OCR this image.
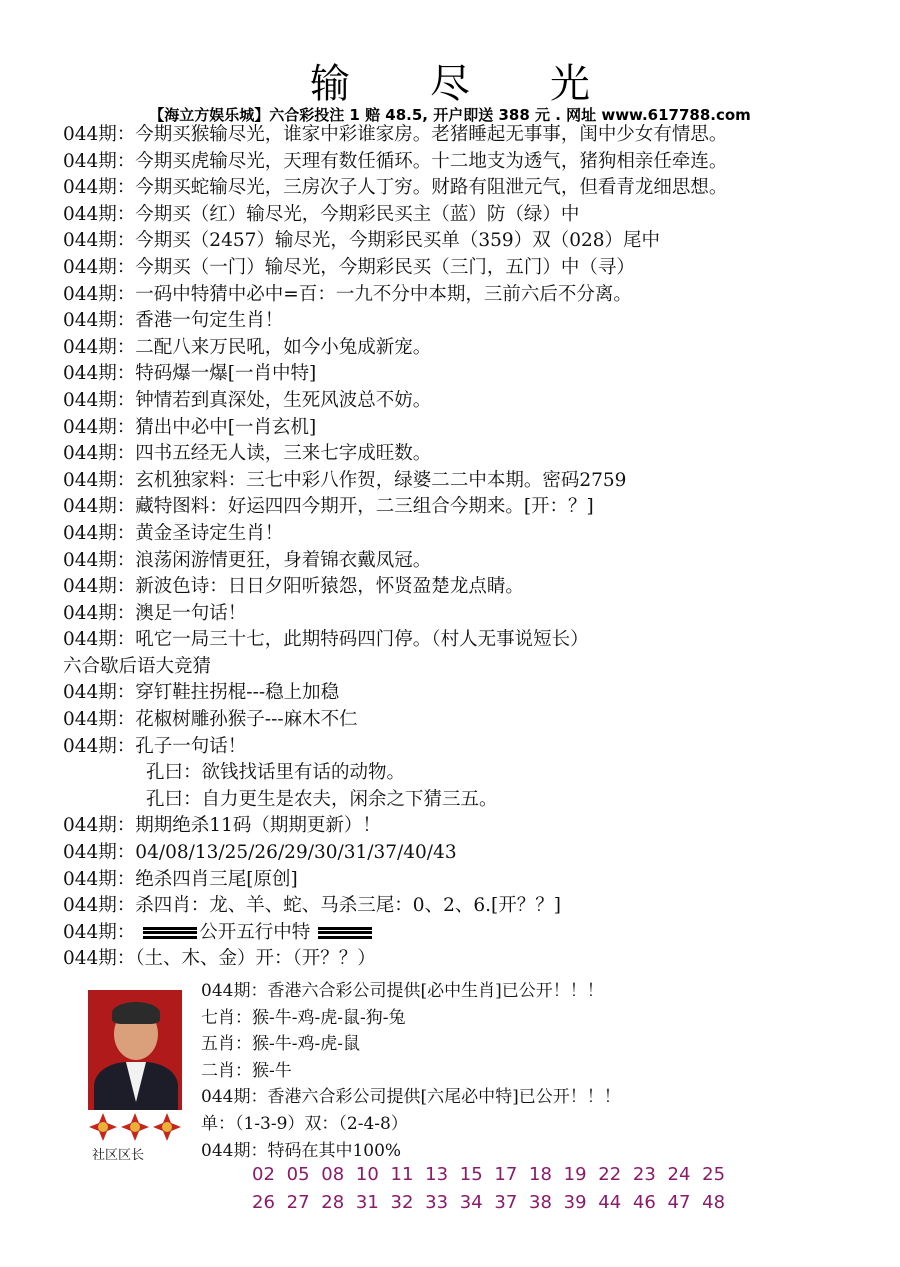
输尽光
【海立方娱乐城】六合彩投注 1 赔 48.5, 开户即送 388 元 . 网址 www.617788.com
044期：今期买猴输尽光，谁家中彩谁家房。老猪睡起无事事，闺中少女有情思。
044期：今期买虎输尽光，天理有数任循环。十二地支为透气，猪狗相亲任牵连。
044期：今期买蛇输尽光，三房次子人丁穷。财路有阻泄元气，但看青龙细思想。
044期：今期买（红）输尽光，今期彩民买主（蓝）防（绿）中
044期：今期买（2457）输尽光，今期彩民买单（359）双（028）尾中
044期：今期买（一门）输尽光，今期彩民买（三门，五门）中（寻）
044期：一码中特猜中必中=百：一九不分中本期，三前六后不分离。
044期：香港一句定生肖！
044期：二配八来万民吼，如今小兔成新宠。
044期：特码爆一爆[一肖中特]
044期：钟情若到真深处，生死风波总不妨。
044期：猜出中必中[一肖玄机]
044期：四书五经无人读，三来七字成旺数。
044期：玄机独家料：三七中彩八作贺，绿婆二二中本期。密码2759
044期：藏特图料：好运四四今期开，二三组合今期来。[开：？]
044期：黄金圣诗定生肖！
044期：浪荡闲游情更狂，身着锦衣戴凤冠。
044期：新波色诗：日日夕阳听猿怨，怀贤盈楚龙点睛。
044期：澳足一句话！
044期：吼它一局三十七，此期特码四门停。（村人无事说短长）
六合歇后语大竞猜
044期：穿钉鞋拄拐棍---稳上加稳
044期：花椒树雕孙猴子---麻木不仁
044期：孔子一句话！
孔曰：欲钱找话里有话的动物。
孔曰：自力更生是农夫，闲余之下猜三五。
044期：期期绝杀11码（期期更新）！
044期：04/08/13/25/26/29/30/31/37/40/43
044期：绝杀四肖三尾[原创]
044期：杀四肖：龙、羊、蛇、马杀三尾：0、2、6.[开？？]
044期：	公开五行中特
044期：（土、木、金）开：（开？？）
社区区长
044期：香港六合彩公司提供[必中生肖]已公开！！！
七肖：猴-牛-鸡-虎-鼠-狗-兔
五肖：猴-牛-鸡-虎-鼠
二肖：猴-牛
044期：香港六合彩公司提供[六尾必中特]已公开！！！
单：（1-3-9）双：（2-4-8）
044期：特码在其中100%
02 05 08 10 11 13 15 17 18 19 22 23 24 25
26 27 28 31 32 33 34 37 38 39 44 46 47 48
